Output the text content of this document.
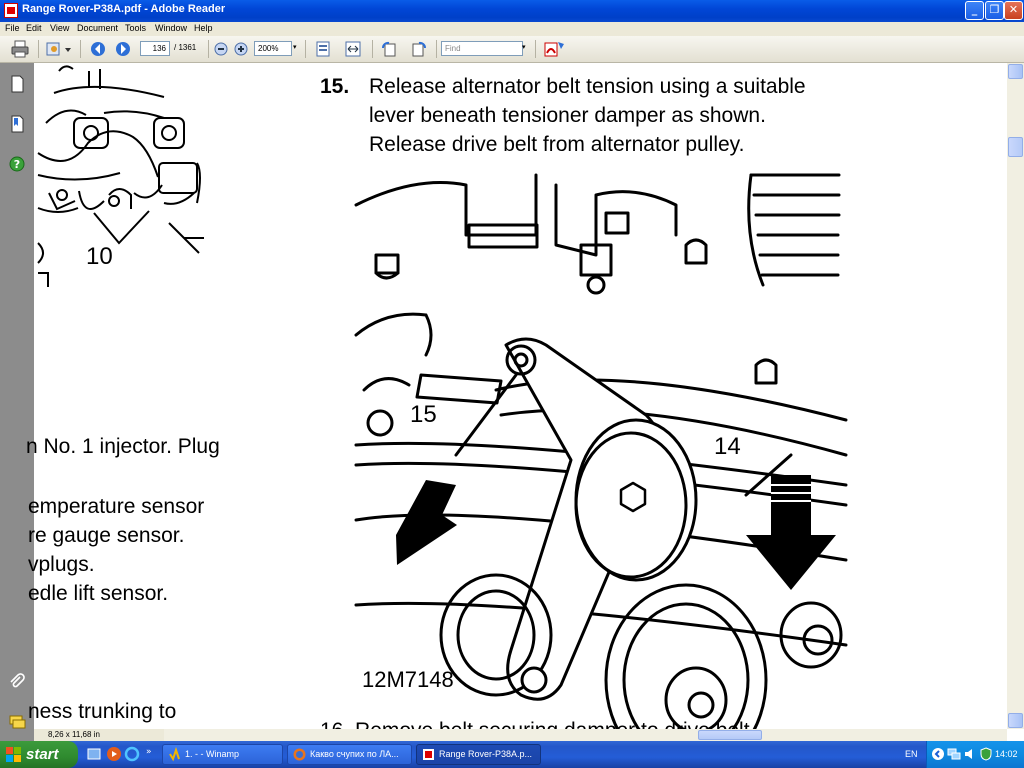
Range Rover-P38A.pdf - Adobe Reader	_	❐ ✕
File Edit View Document Tools Window Help
136	/ 1361	200%	▾	Find	▾
?
10
n No. 1 injector. Plug
emperature sensor
re gauge sensor.
vplugs.
edle lift sensor.
ness trunking to
15. Release alternator belt tension using a suitable
lever beneath tensioner damper as shown.
Release drive belt from alternator pulley.
15
14
12M7148
8,26 x 11,68 in
start	»	1. - - Winamp	Какво счупих по ЛА...	Range Rover-P38A.p...	EN	14:02
